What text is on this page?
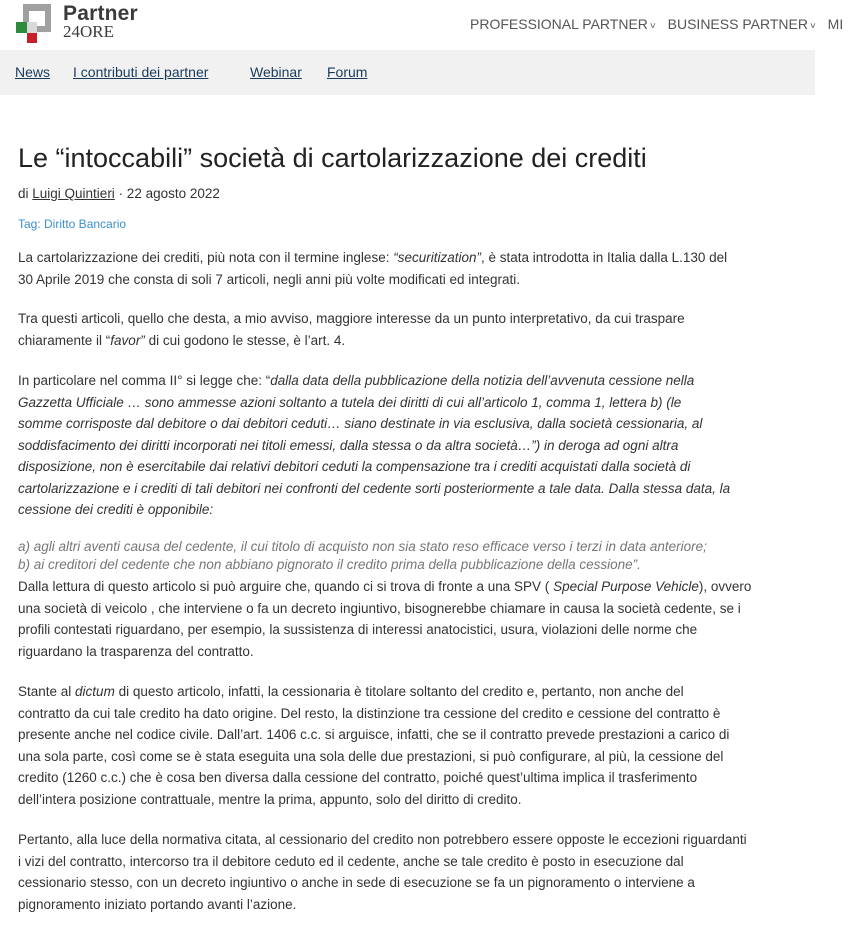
Partner
24ORE	PROFESSIONAL PARTNER ˅ BUSINESS PARTNER ˅ MI
News I contributi dei partner	Webinar Forum
Le “intoccabili” società di cartolarizzazione dei crediti
di Luigi Quintieri · 22 agosto 2022
Tag: Diritto Bancario
La cartolarizzazione dei crediti, più nota con il termine inglese: “securitization”, è stata introdotta in Italia dalla L.130 del
30 Aprile 2019 che consta di soli 7 articoli, negli anni più volte modificati ed integrati.
Tra questi articoli, quello che desta, a mio avviso, maggiore interesse da un punto interpretativo, da cui traspare
chiaramente il “favor” di cui godono le stesse, è l’art. 4.
In particolare nel comma II° si legge che: “dalla data della pubblicazione della notizia dell’avvenuta cessione nella
Gazzetta Ufficiale … sono ammesse azioni soltanto a tutela dei diritti di cui all’articolo 1, comma 1, lettera b) (le
somme corrisposte dal debitore o dai debitori ceduti… siano destinate in via esclusiva, dalla società cessionaria, al
soddisfacimento dei diritti incorporati nei titoli emessi, dalla stessa o da altra società…”) in deroga ad ogni altra
disposizione, non è esercitabile dai relativi debitori ceduti la compensazione tra i crediti acquistati dalla società di
cartolarizzazione e i crediti di tali debitori nei confronti del cedente sorti posteriormente a tale data. Dalla stessa data, la
cessione dei crediti è opponibile:
a) agli altri aventi causa del cedente, il cui titolo di acquisto non sia stato reso efficace verso i terzi in data anteriore;
b) ai creditori del cedente che non abbiano pignorato il credito prima della pubblicazione della cessione”.
Dalla lettura di questo articolo si può arguire che, quando ci si trova di fronte a una SPV ( Special Purpose Vehicle), ovvero
una società di veicolo , che interviene o fa un decreto ingiuntivo, bisognerebbe chiamare in causa la società cedente, se i
profili contestati riguardano, per esempio, la sussistenza di interessi anatocistici, usura, violazioni delle norme che
riguardano la trasparenza del contratto.
Stante al dictum di questo articolo, infatti, la cessionaria è titolare soltanto del credito e, pertanto, non anche del
contratto da cui tale credito ha dato origine. Del resto, la distinzione tra cessione del credito e cessione del contratto è
presente anche nel codice civile. Dall’art. 1406 c.c. si arguisce, infatti, che se il contratto prevede prestazioni a carico di
una sola parte, così come se è stata eseguita una sola delle due prestazioni, si può configurare, al più, la cessione del
credito (1260 c.c.) che è cosa ben diversa dalla cessione del contratto, poiché quest’ultima implica il trasferimento
dell’intera posizione contrattuale, mentre la prima, appunto, solo del diritto di credito.
Pertanto, alla luce della normativa citata, al cessionario del credito non potrebbero essere opposte le eccezioni riguardanti
i vizi del contratto, intercorso tra il debitore ceduto ed il cedente, anche se tale credito è posto in esecuzione dal
cessionario stesso, con un decreto ingiuntivo o anche in sede di esecuzione se fa un pignoramento o interviene a
pignoramento iniziato portando avanti l’azione.
